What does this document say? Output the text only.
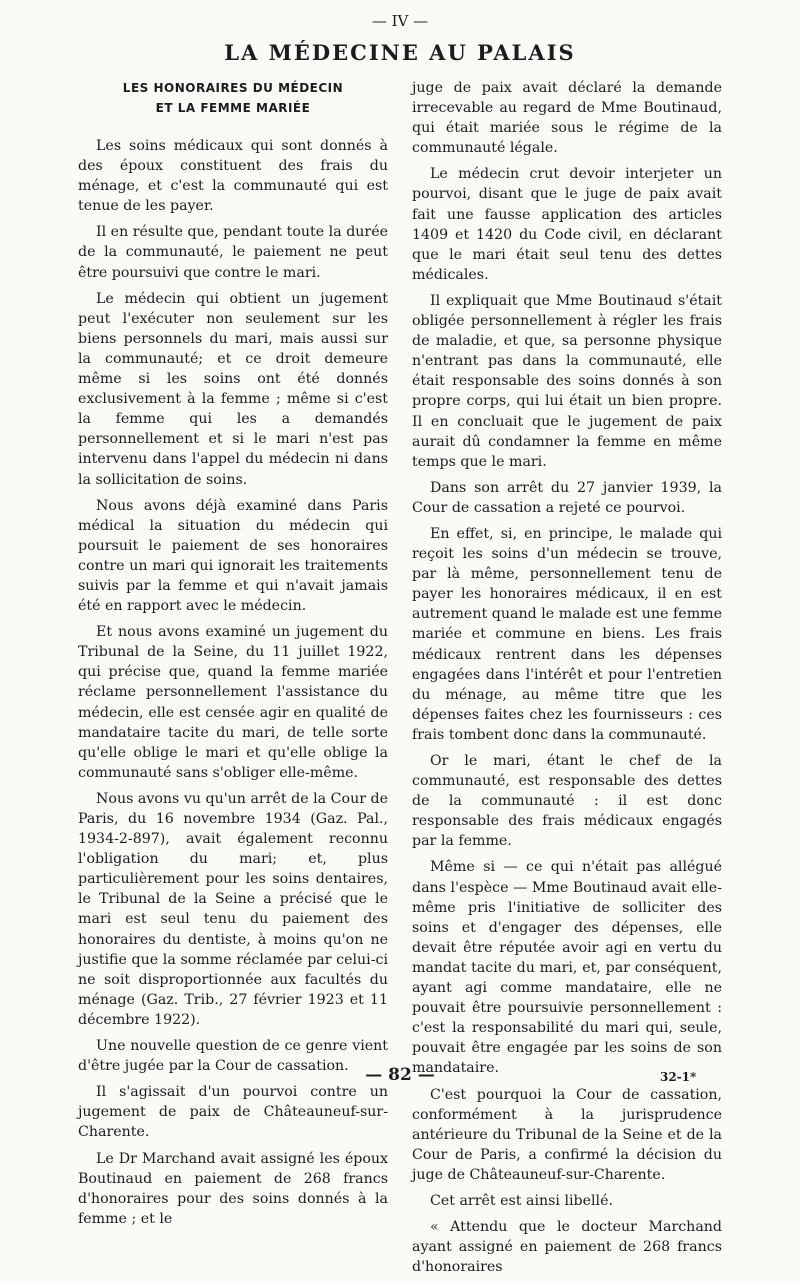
— IV —
LA MÉDECINE AU PALAIS
LES HONORAIRES DU MÉDECIN
ET LA FEMME MARIÉE

Les soins médicaux qui sont donnés à des époux constituent des frais du ménage, et c'est la communauté qui est tenue de les payer.

Il en résulte que, pendant toute la durée de la communauté, le paiement ne peut être poursuivi que contre le mari.

Le médecin qui obtient un jugement peut l'exécuter non seulement sur les biens personnels du mari, mais aussi sur la communauté; et ce droit demeure même si les soins ont été donnés exclusivement à la femme ; même si c'est la femme qui les a demandés personnellement et si le mari n'est pas intervenu dans l'appel du médecin ni dans la sollicitation de soins.

Nous avons déjà examiné dans Paris médical la situation du médecin qui poursuit le paiement de ses honoraires contre un mari qui ignorait les traitements suivis par la femme et qui n'avait jamais été en rapport avec le médecin.

Et nous avons examiné un jugement du Tribunal de la Seine, du 11 juillet 1922, qui précise que, quand la femme mariée réclame personnellement l'assistance du médecin, elle est censée agir en qualité de mandataire tacite du mari, de telle sorte qu'elle oblige le mari et qu'elle oblige la communauté sans s'obliger elle-même.

Nous avons vu qu'un arrêt de la Cour de Paris, du 16 novembre 1934 (Gaz. Pal., 1934-2-897), avait également reconnu l'obligation du mari; et, plus particulièrement pour les soins dentaires, le Tribunal de la Seine a précisé que le mari est seul tenu du paiement des honoraires du dentiste, à moins qu'on ne justifie que la somme réclamée par celui-ci ne soit disproportionnée aux facultés du ménage (Gaz. Trib., 27 février 1923 et 11 décembre 1922).

Une nouvelle question de ce genre vient d'être jugée par la Cour de cassation.

Il s'agissait d'un pourvoi contre un jugement de paix de Châteauneuf-sur-Charente.

Le Dr Marchand avait assigné les époux Boutinaud en paiement de 268 francs d'honoraires pour des soins donnés à la femme ; et le

juge de paix avait déclaré la demande irrecevable au regard de Mme Boutinaud, qui était mariée sous le régime de la communauté légale.

Le médecin crut devoir interjeter un pourvoi, disant que le juge de paix avait fait une fausse application des articles 1409 et 1420 du Code civil, en déclarant que le mari était seul tenu des dettes médicales.

Il expliquait que Mme Boutinaud s'était obligée personnellement à régler les frais de maladie, et que, sa personne physique n'entrant pas dans la communauté, elle était responsable des soins donnés à son propre corps, qui lui était un bien propre. Il en concluait que le jugement de paix aurait dû condamner la femme en même temps que le mari.

Dans son arrêt du 27 janvier 1939, la Cour de cassation a rejeté ce pourvoi.

En effet, si, en principe, le malade qui reçoit les soins d'un médecin se trouve, par là même, personnellement tenu de payer les honoraires médicaux, il en est autrement quand le malade est une femme mariée et commune en biens. Les frais médicaux rentrent dans les dépenses engagées dans l'intérêt et pour l'entretien du ménage, au même titre que les dépenses faites chez les fournisseurs : ces frais tombent donc dans la communauté.

Or le mari, étant le chef de la communauté, est responsable des dettes de la communauté : il est donc responsable des frais médicaux engagés par la femme.

Même si — ce qui n'était pas allégué dans l'espèce — Mme Boutinaud avait elle-même pris l'initiative de solliciter des soins et d'engager des dépenses, elle devait être réputée avoir agi en vertu du mandat tacite du mari, et, par conséquent, ayant agi comme mandataire, elle ne pouvait être poursuivie personnellement : c'est la responsabilité du mari qui, seule, pouvait être engagée par les soins de son mandataire.

C'est pourquoi la Cour de cassation, conformément à la jurisprudence antérieure du Tribunal de la Seine et de la Cour de Paris, a confirmé la décision du juge de Châteauneuf-sur-Charente.

Cet arrêt est ainsi libellé.

« Attendu que le docteur Marchand ayant assigné en paiement de 268 francs d'honoraires

— 82 —	32-1*
